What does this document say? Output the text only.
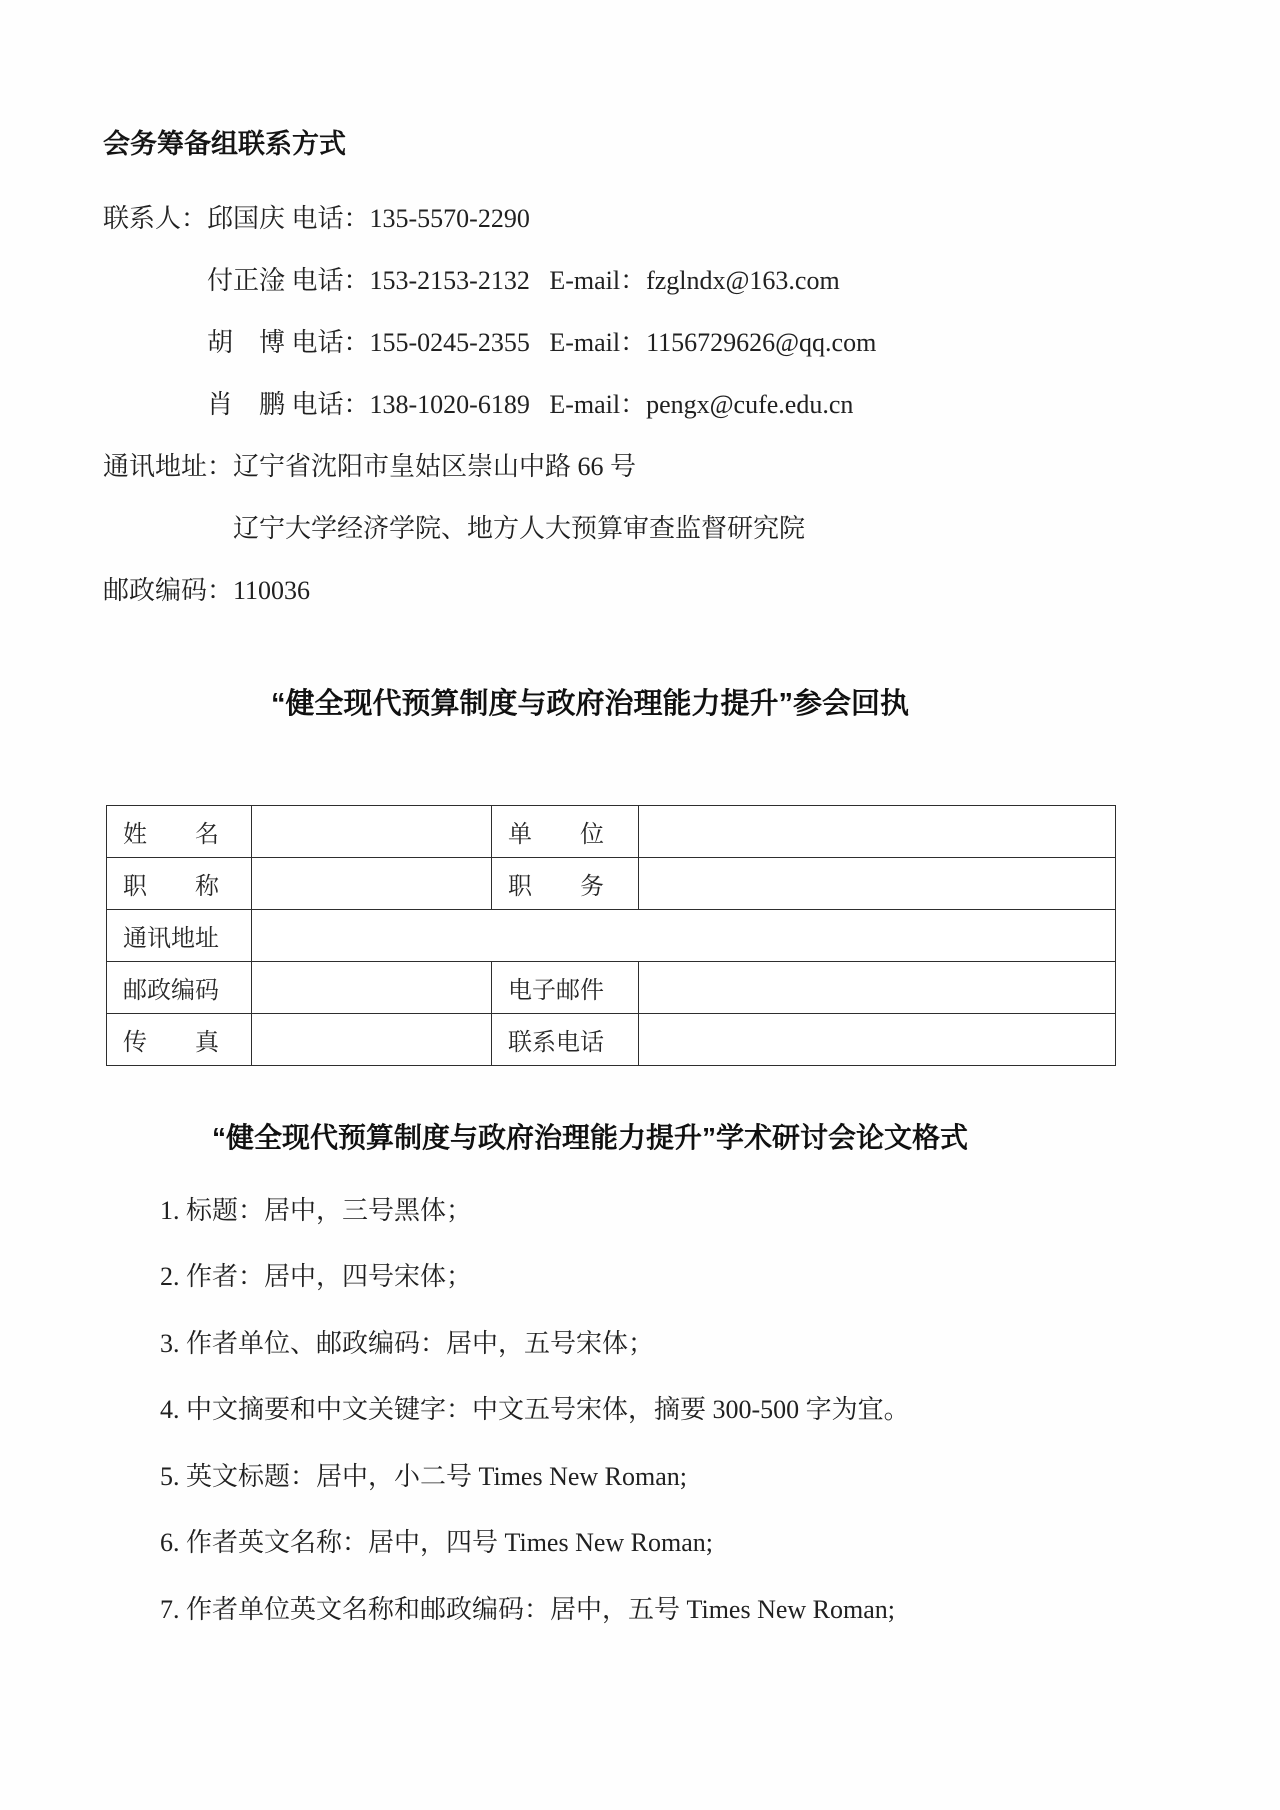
会务筹备组联系方式
联系人：邱国庆 电话：135-5570-2290
付正淦 电话：153-2153-2132   E-mail：fzglndx@163.com
胡　博 电话：155-0245-2355   E-mail：1156729626@qq.com
肖　鹏 电话：138-1020-6189   E-mail：pengx@cufe.edu.cn
通讯地址：辽宁省沈阳市皇姑区崇山中路 66 号
辽宁大学经济学院、地方人大预算审查监督研究院
邮政编码：110036
“健全现代预算制度与政府治理能力提升”参会回执
姓　　名		单　　位	
职　　称		职　　务	
通讯地址			
邮政编码		电子邮件	
传　　真		联系电话	
“健全现代预算制度与政府治理能力提升”学术研讨会论文格式
1. 标题：居中，三号黑体；
2. 作者：居中，四号宋体；
3. 作者单位、邮政编码：居中，五号宋体；
4. 中文摘要和中文关键字：中文五号宋体，摘要 300-500 字为宜。
5. 英文标题：居中，小二号 Times New Roman;
6. 作者英文名称：居中，四号 Times New Roman;
7. 作者单位英文名称和邮政编码：居中，五号 Times New Roman;
